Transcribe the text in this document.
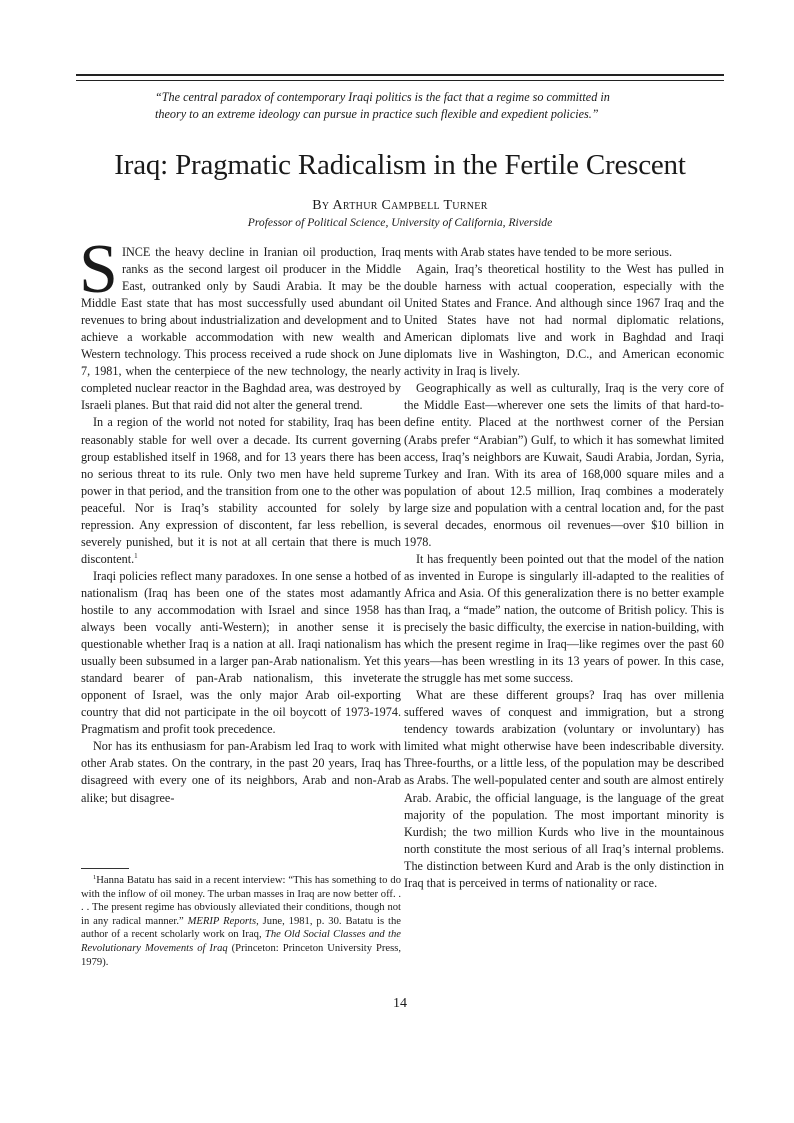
“The central paradox of contemporary Iraqi politics is the fact that a regime so committed in theory to an extreme ideology can pursue in practice such flexible and expedient policies.”

Iraq: Pragmatic Radicalism in the Fertile Crescent

By Arthur Campbell Turner

Professor of Political Science, University of California, Riverside

SINCE the heavy decline in Iranian oil production, Iraq ranks as the second largest oil producer in the Middle East, outranked only by Saudi Arabia. It may be the Middle East state that has most successfully used abundant oil revenues to bring about industrialization and development and to achieve a workable accommodation with new wealth and Western technology. This process received a rude shock on June 7, 1981, when the centerpiece of the new technology, the nearly completed nuclear reactor in the Baghdad area, was destroyed by Israeli planes. But that raid did not alter the general trend.

In a region of the world not noted for stability, Iraq has been reasonably stable for well over a decade. Its current governing group established itself in 1968, and for 13 years there has been no serious threat to its rule. Only two men have held supreme power in that period, and the transition from one to the other was peaceful. Nor is Iraq’s stability accounted for solely by repression. Any expression of discontent, far less rebellion, is severely punished, but it is not at all certain that there is much discontent.$^1$

Iraqi policies reflect many paradoxes. In one sense a hotbed of nationalism (Iraq has been one of the states most adamantly hostile to any accommodation with Israel and since 1958 has always been vocally anti-Western); in another sense it is questionable whether Iraq is a nation at all. Iraqi nationalism has usually been subsumed in a larger pan-Arab nationalism. Yet this standard bearer of pan-Arab nationalism, this inveterate opponent of Israel, was the only major Arab oil-exporting country that did not participate in the oil boycott of 1973-1974. Pragmatism and profit took precedence.

Nor has its enthusiasm for pan-Arabism led Iraq to work with other Arab states. On the contrary, in the past 20 years, Iraq has disagreed with every one of its neighbors, Arab and non-Arab alike; but disagree-

$^1$Hanna Batatu has said in a recent interview: “This has something to do with the inflow of oil money. The urban masses in Iraq are now better off. . . . The present regime has obviously alleviated their conditions, though not in any radical manner.” MERIP Reports, June, 1981, p. 30. Batatu is the author of a recent scholarly work on Iraq, The Old Social Classes and the Revolutionary Movements of Iraq (Princeton: Princeton University Press, 1979).

ments with Arab states have tended to be more serious.

Again, Iraq’s theoretical hostility to the West has pulled in double harness with actual cooperation, especially with the United States and France. And although since 1967 Iraq and the United States have not had normal diplomatic relations, American diplomats live and work in Baghdad and Iraqi diplomats live in Washington, D.C., and American economic activity in Iraq is lively.

Geographically as well as culturally, Iraq is the very core of the Middle East—wherever one sets the limits of that hard-to-define entity. Placed at the northwest corner of the Persian (Arabs prefer “Arabian”) Gulf, to which it has somewhat limited access, Iraq’s neighbors are Kuwait, Saudi Arabia, Jordan, Syria, Turkey and Iran. With its area of 168,000 square miles and a population of about 12.5 million, Iraq combines a moderately large size and population with a central location and, for the past several decades, enormous oil revenues—over $10 billion in 1978.

It has frequently been pointed out that the model of the nation as invented in Europe is singularly ill-adapted to the realities of Africa and Asia. Of this generalization there is no better example than Iraq, a “made” nation, the outcome of British policy. This is precisely the basic difficulty, the exercise in nation-building, with which the present regime in Iraq—like regimes over the past 60 years—has been wrestling in its 13 years of power. In this case, the struggle has met some success.

What are these different groups? Iraq has over millenia suffered waves of conquest and immigration, but a strong tendency towards arabization (voluntary or involuntary) has limited what might otherwise have been indescribable diversity. Three-fourths, or a little less, of the population may be described as Arabs. The well-populated center and south are almost entirely Arab. Arabic, the official language, is the language of the great majority of the population. The most important minority is Kurdish; the two million Kurds who live in the mountainous north constitute the most serious of all Iraq’s internal problems. The distinction between Kurd and Arab is the only distinction in Iraq that is perceived in terms of nationality or race.

14
